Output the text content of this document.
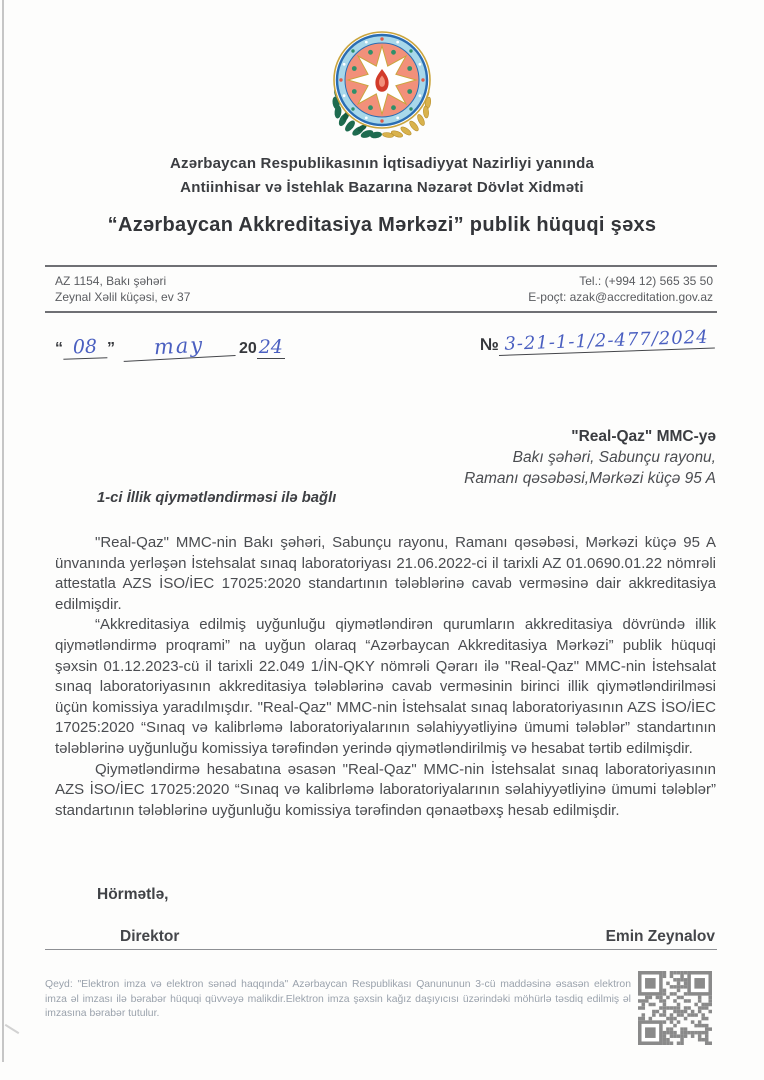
Azərbaycan Respublikasının İqtisadiyyat Nazirliyi yanında
Antiinhisar və İstehlak Bazarına Nəzarət Dövlət Xidməti
“Azərbaycan Akkreditasiya Mərkəzi” publik hüquqi şəxs
AZ 1154, Bakı şəhəri
Zeynal Xəlil küçəsi, ev 37
Tel.: (+994 12) 565 35 50
E-poçt: azak@accreditation.gov.az
“ 08 ” may 20 24	№ 3-21-1-1/2-477/2024
"Real-Qaz" MMC-yə
Bakı şəhəri, Sabunçu rayonu,
Ramanı qəsəbəsi,Mərkəzi küçə 95 A
1-ci İllik qiymətləndirməsi ilə bağlı

"Real-Qaz" MMC-nin Bakı şəhəri, Sabunçu rayonu, Ramanı qəsəbəsi, Mərkəzi küçə 95 A ünvanında yerləşən İstehsalat sınaq laboratoriyası 21.06.2022-ci il tarixli AZ 01.0690.01.22 nömrəli attestatla AZS İSO/İEC 17025:2020 standartının tələblərinə cavab verməsinə dair akkreditasiya edilmişdir.

“Akkreditasiya edilmiş uyğunluğu qiymətləndirən qurumların akkreditasiya dövründə illik qiymətləndirmə proqrami” na uyğun olaraq “Azərbaycan Akkreditasiya Mərkəzi” publik hüquqi şəxsin 01.12.2023-cü il tarixli 22.049 1/İN-QKY nömrəli Qərarı ilə "Real-Qaz" MMC-nin İstehsalat sınaq laboratoriyasının akkreditasiya tələblərinə cavab verməsinin birinci illik qiymətləndirilməsi üçün komissiya yaradılmışdır. "Real-Qaz" MMC-nin İstehsalat sınaq laboratoriyasının AZS İSO/İEC 17025:2020 “Sınaq və kalibrləmə laboratoriyalarının səlahiyyətliyinə ümumi tələblər” standartının tələblərinə uyğunluğu komissiya tərəfindən yerində qiymətləndirilmiş və hesabat tərtib edilmişdir.

Qiymətləndirmə hesabatına əsasən "Real-Qaz" MMC-nin İstehsalat sınaq laboratoriyasının AZS İSO/İEC 17025:2020 “Sınaq və kalibrləmə laboratoriyalarının səlahiyyətliyinə ümumi tələblər” standartının tələblərinə uyğunluğu komissiya tərəfindən qənaətbəxş hesab edilmişdir.

Hörmətlə,
Direktor	Emin Zeynalov
Qeyd: "Elektron imza və elektron sənəd haqqında" Azərbaycan Respublikası Qanununun 3-cü maddəsinə əsasən elektron imza əl imzası ilə bərabər hüquqi qüvvəyə malikdir.Elektron imza şəxsin kağız daşıyıcısı üzərindəki möhürlə təsdiq edilmiş əl imzasına bərabər tutulur.
